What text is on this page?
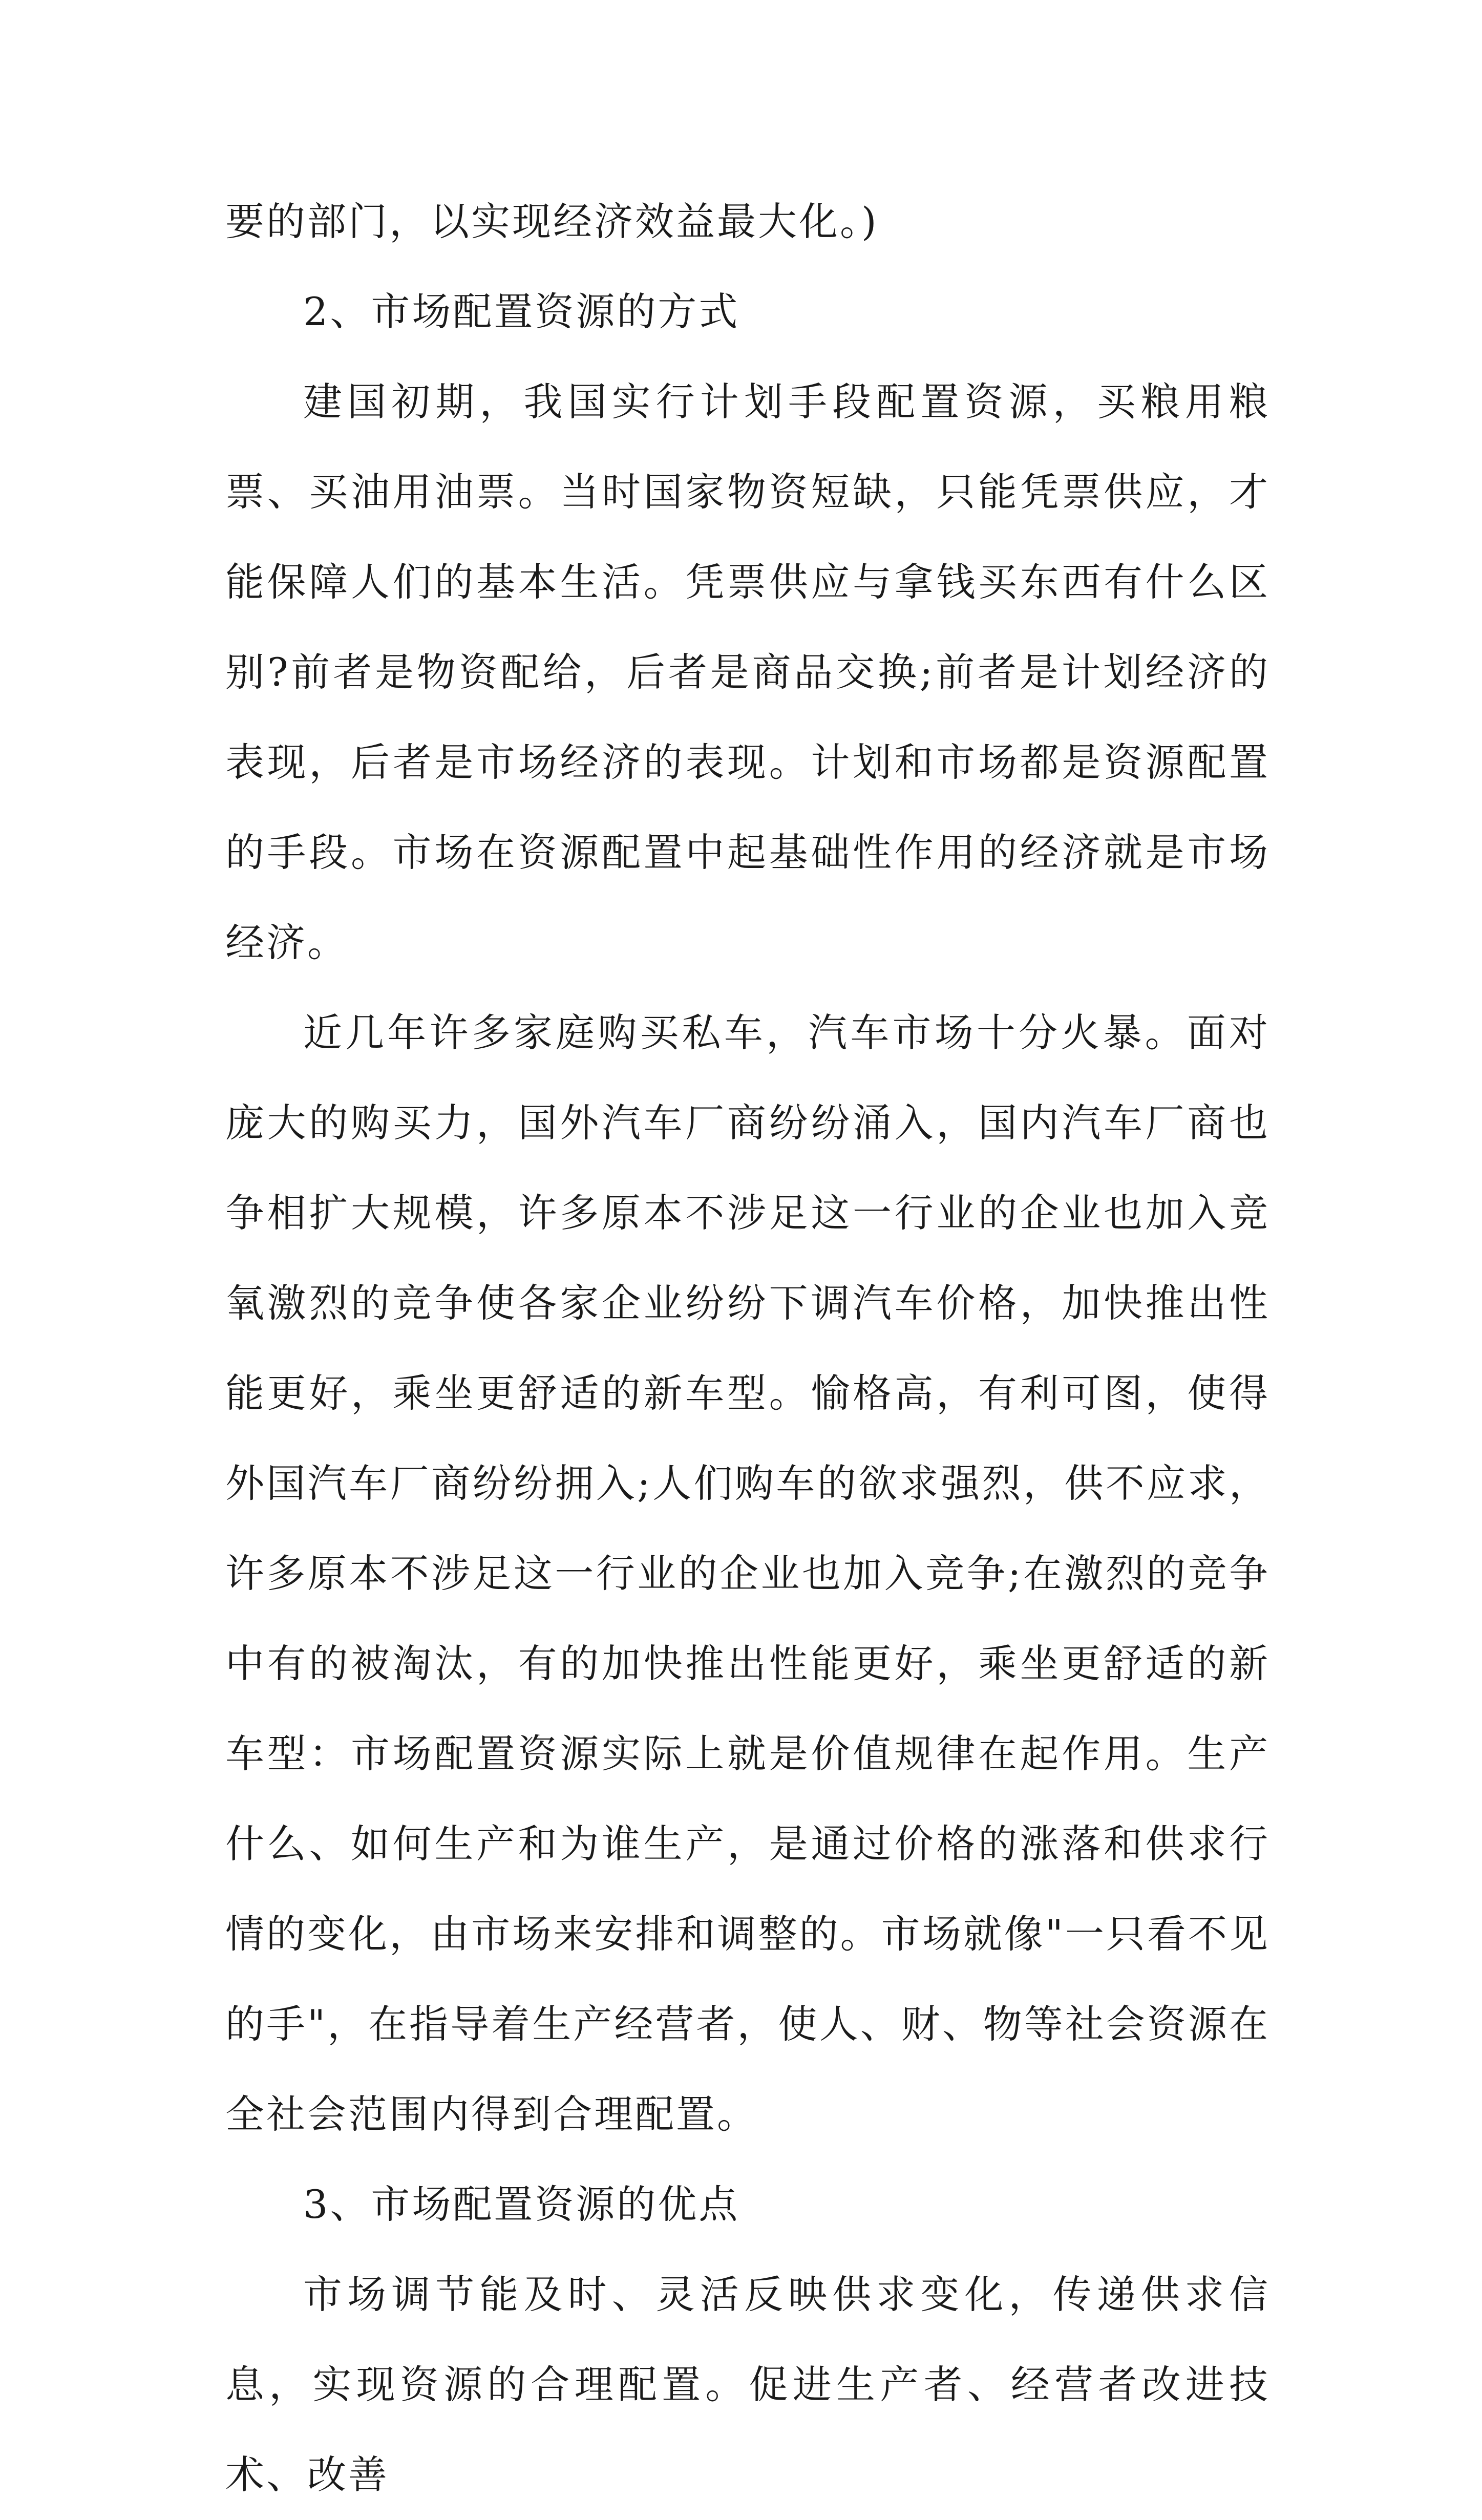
要的部门，以实现经济效益最大化。)

2、市场配置资源的方式

建国初期，我国实行计划手段配置资源，买粮用粮票、买油用油票。当时国家物资短缺，只能凭票供应，才能保障人们的基本生活。凭票供应与拿钱买东西有什么区别?前者是物资配给，后者是商品交换;前者是计划经济的表现，后者是市场经济的表现。计划和市场都是资源配置的手段。市场在资源配置中起基础性作用的经济就是市场经济。

近几年许多家庭购买私车，汽车市场十分火暴。面对庞大的购买力，国外汽车厂商纷纷涌入，国内汽车厂商也争相扩大规模，许多原本不涉足这一行业的企业也加入竞氧激烈的竞争使各家企业纷纷下调汽车价格，加快推出性能更好，乘坐更舒适的新车型。愉格高，有利可图，使得外国汽车厂商纷纷拥入;人们购车的欲求强烈，供不应求，许多原本不涉足这一行业的企业也加入竞争;在激烈的竞争中有的被淘汰，有的加快推出性能更好，乘坐更舒适的新车型：市场配置资源实际上就是价值规律在起作用。生产什么、如何生产和为谁生产，是通过价格的涨落和供求行情的变化，由市场来安排和调整的。市场就像"一只看不见的手"，在指导着生产经营者，使人、财、物等社会资源在全社会范围内得到合理配置。

3、市场配置资源的优点

市场调节能及时、灵活反映供求变化，传递供求信息，实现资源的合理配置。促进生产者、经营者改进技术、改善
